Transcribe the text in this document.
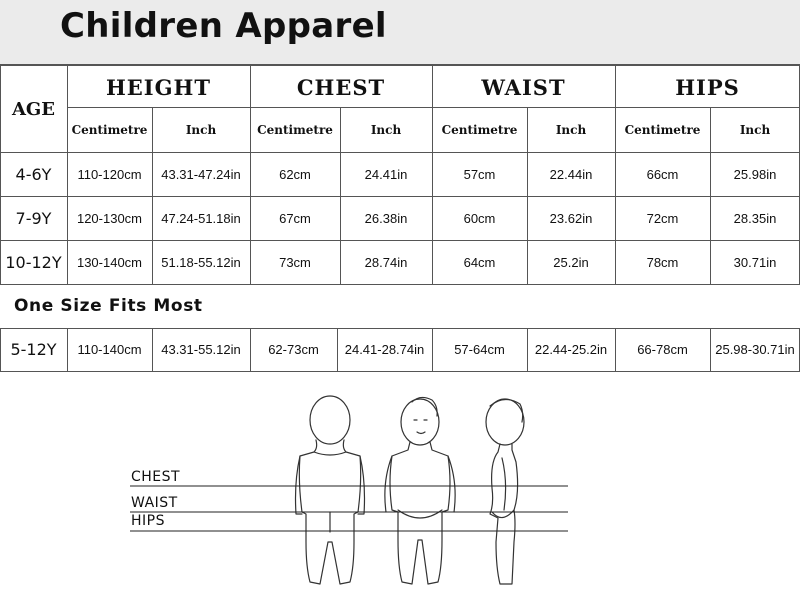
Children Apparel
AGE
HEIGHT	CHEST	WAIST	HIPS
Centimetre	Inch	Centimetre	Inch	Centimetre	Inch	Centimetre	Inch
4-6Y	110-120cm	43.31-47.24in	62cm	24.41in	57cm	22.44in	66cm	25.98in
7-9Y	120-130cm	47.24-51.18in	67cm	26.38in	60cm	23.62in	72cm	28.35in
10-12Y	130-140cm	51.18-55.12in	73cm	28.74in	64cm	25.2in	78cm	30.71in
One Size Fits Most
5-12Y	110-140cm	43.31-55.12in	62-73cm	24.41-28.74in	57-64cm	22.44-25.2in	66-78cm	25.98-30.71in
CHEST
WAIST
HIPS
